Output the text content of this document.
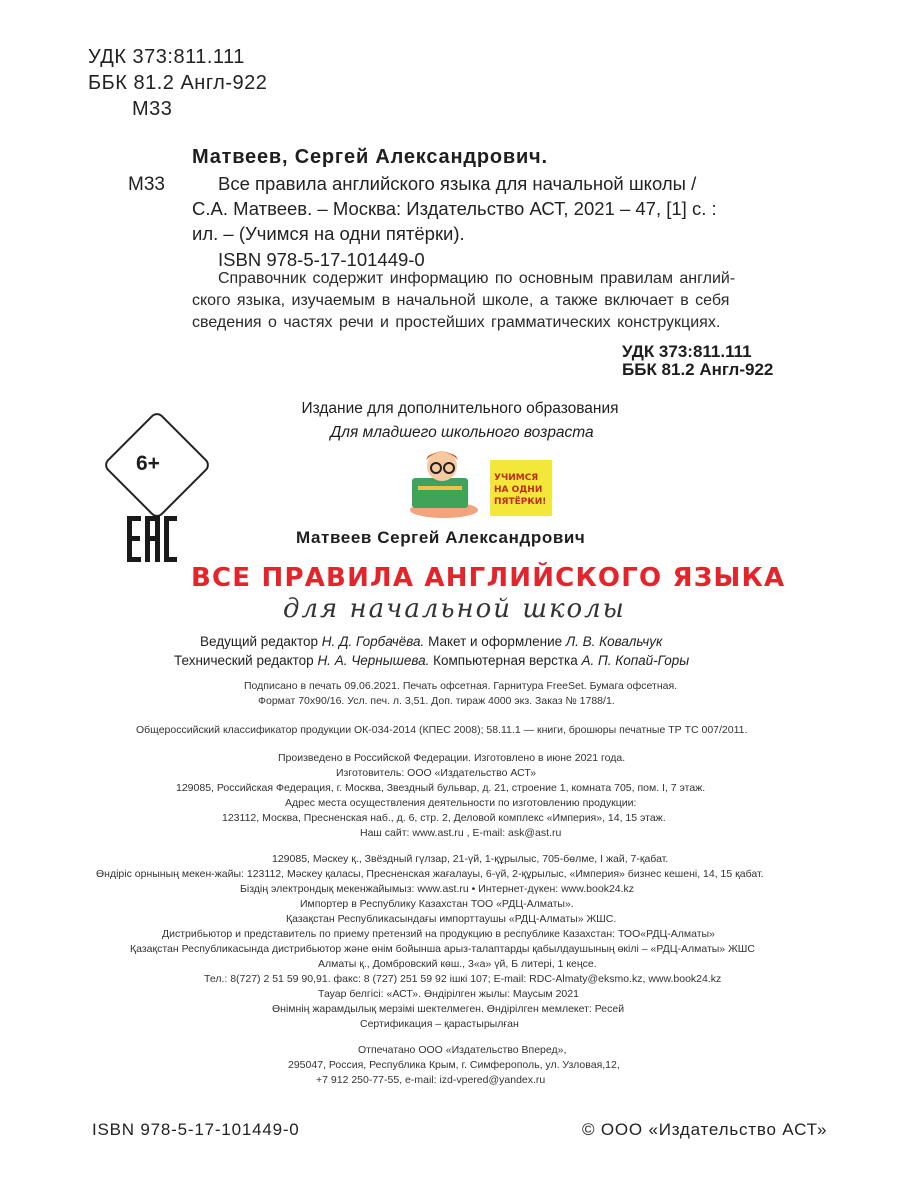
УДК 373:811.111
ББК 81.2 Англ-922
М33
Матвеев, Сергей Александрович.
М33	Все правила английского языка для начальной школы /
С.А. Матвеев. – Москва: Издательство АСТ, 2021 – 47, [1] с. :
ил. – (Учимся на одни пятёрки).
ISBN 978-5-17-101449-0
Справочник содержит информацию по основным правилам англий-
ского языка, изучаемым в начальной школе, а также включает в себя
сведения о частях речи и простейших грамматических конструкциях.
УДК 373:811.111
ББК 81.2 Англ-922
Издание для дополнительного образования
Для младшего школьного возраста
6+
УЧИМСЯ
НА ОДНИ
ПЯТЁРКИ!
Матвеев Сергей Александрович
ВСЕ ПРАВИЛА АНГЛИЙСКОГО ЯЗЫКА
для начальной школы
Ведущий редактор Н. Д. Горбачёва. Макет и оформление Л. В. Ковальчук
Технический редактор Н. А. Чернышева. Компьютерная верстка А. П. Копай-Горы
Подписано в печать 09.06.2021. Печать офсетная. Гарнитура FreeSet. Бумага офсетная.
Формат 70х90/16. Усл. печ. л. 3,51. Доп. тираж 4000 экз. Заказ № 1788/1.
Общероссийский классификатор продукции ОК-034-2014 (КПЕС 2008); 58.11.1 — книги, брошюры печатные ТР ТС 007/2011.
Произведено в Российской Федерации. Изготовлено в июне 2021 года.
Изготовитель: ООО «Издательство АСТ»
129085, Российская Федерация, г. Москва, Звездный бульвар, д. 21, строение 1, комната 705, пом. I, 7 этаж.
Адрес места осуществления деятельности по изготовлению продукции:
123112, Москва, Пресненская наб., д. 6, стр. 2, Деловой комплекс «Империя», 14, 15 этаж.
Наш сайт: www.ast.ru , E-mail: ask@ast.ru
129085, Мәскеу қ., Звёздный гүлзар, 21-үй, 1-құрылыс, 705-бөлме, I жай, 7-қабат.
Өндіріс орнының мекен-жайы: 123112, Мәскеу қаласы, Пресненская жағалауы, 6-үй, 2-құрылыс, «Империя» бизнес кешені, 14, 15 қабат.
Біздің электрондық мекенжайымыз: www.ast.ru • Интернет-дүкен: www.book24.kz
Импортер в Республику Казахстан ТОО «РДЦ-Алматы».
Қазақстан Республикасындағы импорттаушы «РДЦ-Алматы» ЖШС.
Дистрибьютор и представитель по приему претензий на продукцию в республике Казахстан: ТОО«РДЦ-Алматы»
Қазақстан Республикасында дистрибьютор және өнім бойынша арыз-талаптарды қабылдаушының өкілі – «РДЦ-Алматы» ЖШС
Алматы қ., Домбровский көш., 3«а» үй, Б литерi, 1 кеңсе.
Тел.: 8(727) 2 51 59 90,91. факс: 8 (727) 251 59 92 ішкі 107; E-mail: RDC-Almaty@eksmo.kz, www.book24.kz
Тауар белгісі: «АСТ». Өндірілген жылы: Маусым 2021
Өнімнің жарамдылық мерзімі шектелмеген. Өндірілген мемлекет: Ресей
Сертификация – қарастырылған
Отпечатано ООО «Издательство Вперед»,
295047, Россия, Республика Крым, г. Симферополь, ул. Узловая,12,
+7 912 250-77-55, e-mail: izd-vpered@yandex.ru
ISBN 978-5-17-101449-0	© ООО «Издательство АСТ»
